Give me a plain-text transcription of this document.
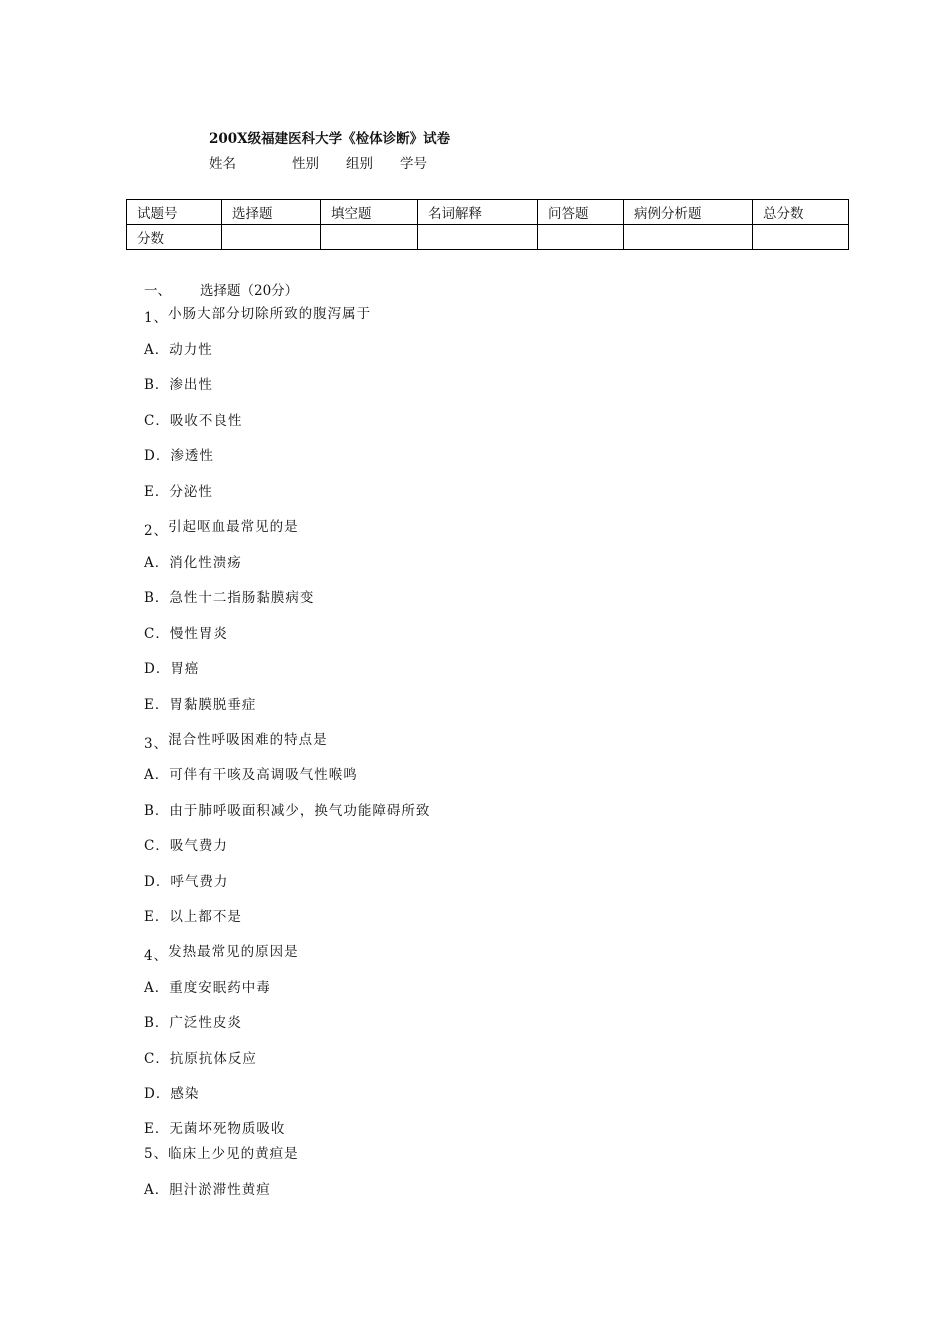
200X级福建医科大学《检体诊断》试卷
姓名	性别 组别 学号
试题号	选择题	填空题	名词解释	问答题	病例分析题	总分数
分数						
一、 选择题（20分）
1、小肠大部分切除所致的腹泻属于
A．动力性
B．渗出性
C．吸收不良性
D．渗透性
E．分泌性
2、引起呕血最常见的是
A．消化性溃疡
B．急性十二指肠黏膜病变
C．慢性胃炎
D．胃癌
E．胃黏膜脱垂症
3、混合性呼吸困难的特点是
A．可伴有干咳及高调吸气性喉鸣
B．由于肺呼吸面积减少，换气功能障碍所致
C．吸气费力
D．呼气费力
E．以上都不是
4、发热最常见的原因是
A．重度安眠药中毒
B．广泛性皮炎
C．抗原抗体反应
D．感染
E．无菌坏死物质吸收
5、临床上少见的黄疸是
A．胆汁淤滞性黄疸
